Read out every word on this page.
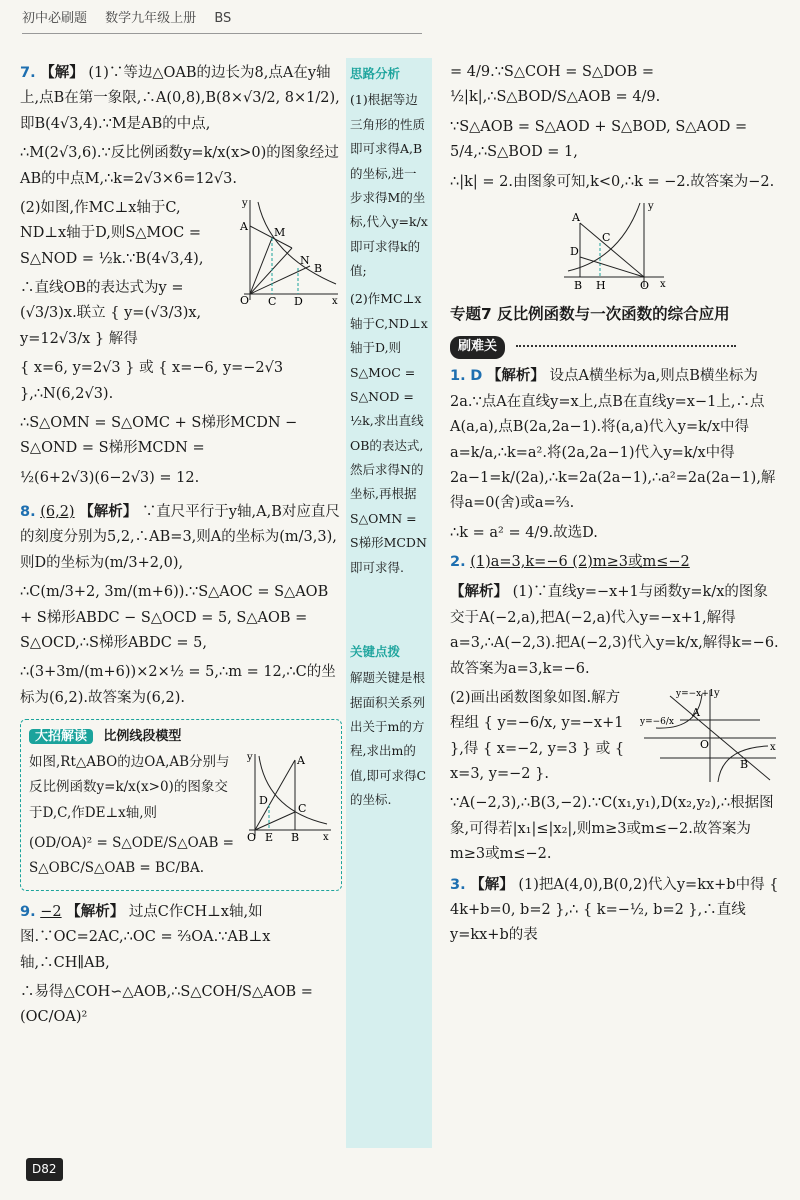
初中必刷题 数学九年级上册 BS

7. 【解】 (1)∵等边△OAB的边长为8,点A在y轴上,点B在第一象限,∴A(0,8),B(8×√3/2, 8×1/2),即B(4√3,4).∵M是AB的中点,

∴M(2√3,6).∵反比例函数y=k/x(x>0)的图象经过AB的中点M,∴k=2√3×6=12√3.

y
A M
N
B
O C D	x

(2)如图,作MC⊥x轴于C, ND⊥x轴于D,则S△MOC = S△NOD = ½k.∵B(4√3,4),

∴直线OB的表达式为y = (√3/3)x.联立 { y=(√3/3)x, y=12√3/x } 解得

{ x=6, y=2√3 } 或 { x=−6, y=−2√3 },∴N(6,2√3).

∴S△OMN = S△OMC + S梯形MCDN − S△OND = S梯形MCDN =

½(6+2√3)(6−2√3) = 12.

8. (6,2) 【解析】 ∵直尺平行于y轴,A,B对应直尺的刻度分别为5,2,∴AB=3,则A的坐标为(m/3,3),则D的坐标为(m/3+2,0),

∴C(m/3+2, 3m/(m+6)).∵S△AOC = S△AOB + S梯形ABDC − S△OCD = 5, S△AOB = S△OCD,∴S梯形ABDC = 5,

∴(3+3m/(m+6))×2×½ = 5,∴m = 12,∴C的坐标为(6,2).故答案为(6,2).

大招解读 比例线段模型
y	A
D
C
O E B x

如图,Rt△ABO的边OA,AB分别与反比例函数y=k/x(x>0)的图象交于D,C,作DE⊥x轴,则

(OD/OA)² = S△ODE/S△OAB = S△OBC/S△OAB = BC/BA.

9. −2 【解析】 过点C作CH⊥x轴,如图.∵OC=2AC,∴OC = ⅔OA.∵AB⊥x轴,∴CH∥AB,

∴易得△COH∽△AOB,∴S△COH/S△AOB = (OC/OA)²

思路分析

(1)根据等边三角形的性质即可求得A,B的坐标,进一步求得M的坐标,代入y=k/x即可求得k的值;

(2)作MC⊥x轴于C,ND⊥x轴于D,则S△MOC = S△NOD = ½k,求出直线OB的表达式,然后求得N的坐标,再根据S△OMN = S梯形MCDN即可求得.

关键点拨

解题关键是根据面积关系列出关于m的方程,求出m的值,即可求得C的坐标.

= 4/9.∵S△COH = S△DOB = ½|k|,∴S△BOD/S△AOB = 4/9.

∵S△AOB = S△AOD + S△BOD, S△AOD = 5/4,∴S△BOD = 1,

∴|k| = 2.由图象可知,k<0,∴k = −2.故答案为−2.

y
A
D
C
B H	O x
专题7 反比例函数与一次函数的综合应用
刷难关

1. D 【解析】 设点A横坐标为a,则点B横坐标为2a.∵点A在直线y=x上,点B在直线y=x−1上,∴点A(a,a),点B(2a,2a−1).将(a,a)代入y=k/x中得a=k/a,∴k=a².将(2a,2a−1)代入y=k/x中得2a−1=k/(2a),∴k=2a(2a−1),∴a²=2a(2a−1),解得a=0(舍)或a=⅔.

∴k = a² = 4/9.故选D.

2. (1)a=3,k=−6 (2)m≥3或m≤−2

【解析】 (1)∵直线y=−x+1与函数y=k/x的图象交于A(−2,a),把A(−2,a)代入y=−x+1,解得a=3,∴A(−2,3).把A(−2,3)代入y=k/x,解得k=−6.故答案为a=3,k=−6.

y=−x+1 y
y=−6/x
A
O
B
x

(2)画出函数图象如图.解方程组 { y=−6/x, y=−x+1 },得 { x=−2, y=3 } 或 { x=3, y=−2 }.

∵A(−2,3),∴B(3,−2).∵C(x₁,y₁),D(x₂,y₂),∴根据图象,可得若|x₁|≤|x₂|,则m≥3或m≤−2.故答案为m≥3或m≤−2.

3. 【解】 (1)把A(4,0),B(0,2)代入y=kx+b中得 { 4k+b=0, b=2 },∴ { k=−½, b=2 },∴直线y=kx+b的表

D82
